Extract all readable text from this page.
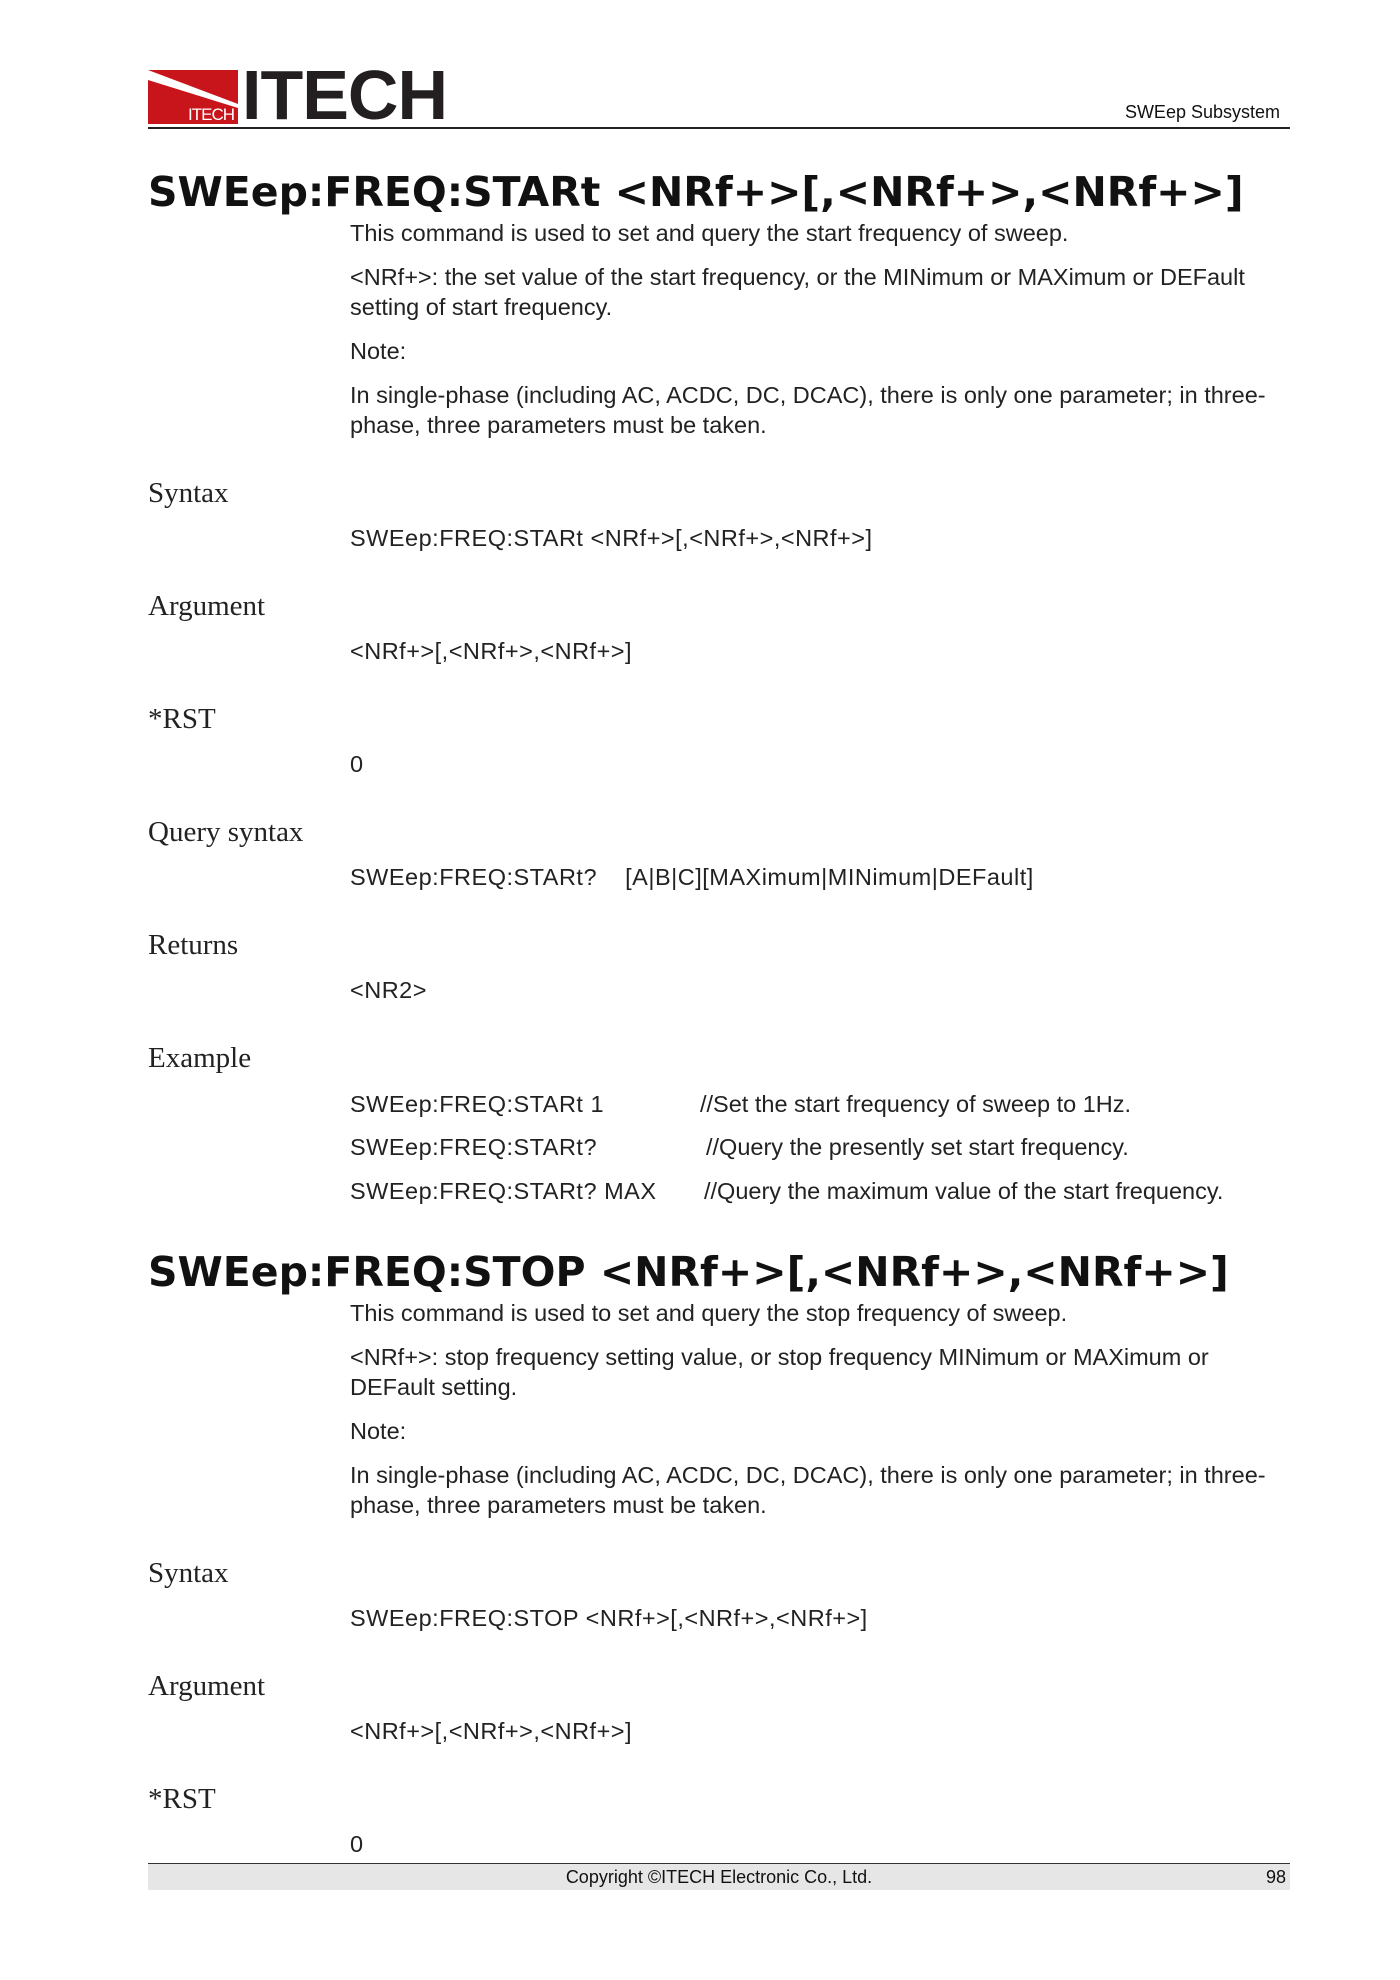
ITECH ITECH	SWEep Subsystem
SWEep:FREQ:STARt <NRf+>[,<NRf+>,<NRf+>]
This command is used to set and query the start frequency of sweep.
<NRf+>: the set value of the start frequency, or the MINimum or MAXimum or DEFault setting of start frequency.
Note:
In single-phase (including AC, ACDC, DC, DCAC), there is only one parameter; in three-phase, three parameters must be taken.
Syntax
SWEep:FREQ:STARt <NRf+>[,<NRf+>,<NRf+>]
Argument
<NRf+>[,<NRf+>,<NRf+>]
*RST
0
Query syntax
SWEep:FREQ:STARt?    [A|B|C][MAXimum|MINimum|DEFault]
Returns
<NR2>
Example
SWEep:FREQ:STARt 1	//Set the start frequency of sweep to 1Hz.
SWEep:FREQ:STARt?	//Query the presently set start frequency.
SWEep:FREQ:STARt? MAX //Query the maximum value of the start frequency.
SWEep:FREQ:STOP <NRf+>[,<NRf+>,<NRf+>]
This command is used to set and query the stop frequency of sweep.
<NRf+>: stop frequency setting value, or stop frequency MINimum or MAXimum or DEFault setting.
Note:
In single-phase (including AC, ACDC, DC, DCAC), there is only one parameter; in three-phase, three parameters must be taken.
Syntax
SWEep:FREQ:STOP <NRf+>[,<NRf+>,<NRf+>]
Argument
<NRf+>[,<NRf+>,<NRf+>]
*RST
0
Copyright ©ITECH Electronic Co., Ltd.	98
